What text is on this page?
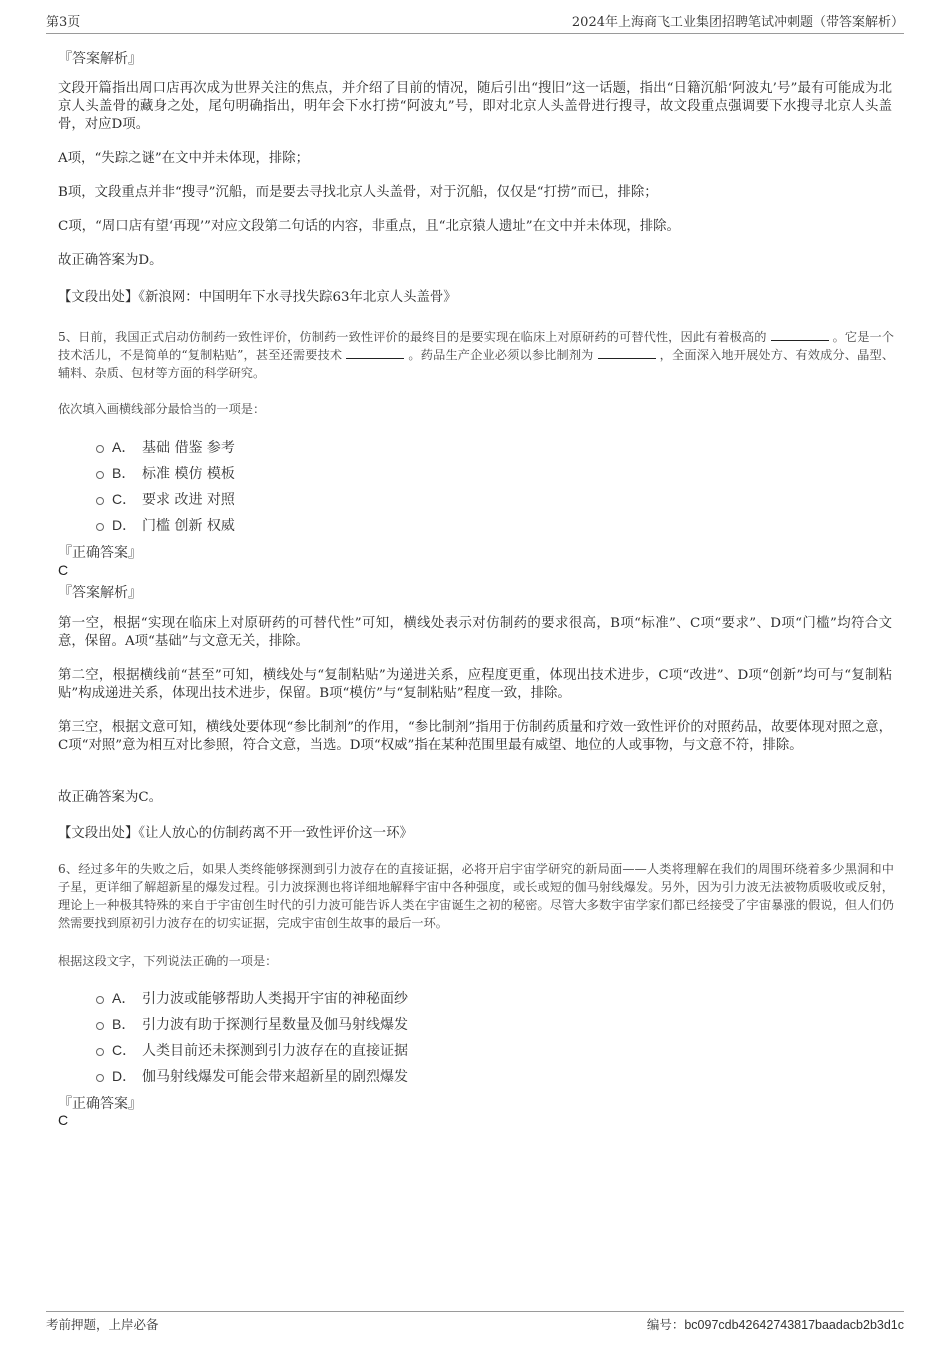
第3页	2024年上海商飞工业集团招聘笔试冲刺题（带答案解析）
『答案解析』
文段开篇指出周口店再次成为世界关注的焦点，并介绍了目前的情况，随后引出“搜旧”这一话题，指出“日籍沉船‘阿波丸’号”最有可能成为北京人头盖骨的藏身之处，尾句明确指出，明年会下水打捞“阿波丸”号，即对北京人头盖骨进行搜寻，故文段重点强调要下水搜寻北京人头盖骨，对应D项。
A项，“失踪之谜”在文中并未体现，排除；
B项，文段重点并非“搜寻”沉船，而是要去寻找北京人头盖骨，对于沉船，仅仅是“打捞”而已，排除；
C项，“周口店有望‘再现’”对应文段第二句话的内容，非重点，且“北京猿人遗址”在文中并未体现，排除。
故正确答案为D。
【文段出处】《新浪网：中国明年下水寻找失踪63年北京人头盖骨》
5、日前，我国正式启动仿制药一致性评价，仿制药一致性评价的最终目的是要实现在临床上对原研药的可替代性，因此有着极高的	。它是一个技术活儿，不是简单的“复制粘贴”，甚至还需要技术	。药品生产企业必须以参比制剂为	，全面深入地开展处方、有效成分、晶型、辅料、杂质、包材等方面的科学研究。
依次填入画横线部分最恰当的一项是：
A． 基础 借鉴 参考
B． 标准 模仿 模板
C． 要求 改进 对照
D． 门槛 创新 权威
『正确答案』
C
『答案解析』
第一空，根据“实现在临床上对原研药的可替代性”可知，横线处表示对仿制药的要求很高，B项“标准”、C项“要求”、D项“门槛”均符合文意，保留。A项“基础”与文意无关，排除。
第二空，根据横线前“甚至”可知，横线处与“复制粘贴”为递进关系，应程度更重，体现出技术进步，C项“改进”、D项“创新”均可与“复制粘贴”构成递进关系，体现出技术进步，保留。B项“模仿”与“复制粘贴”程度一致，排除。
第三空，根据文意可知，横线处要体现“参比制剂”的作用，“参比制剂”指用于仿制药质量和疗效一致性评价的对照药品，故要体现对照之意，C项“对照”意为相互对比参照，符合文意，当选。D项“权威”指在某种范围里最有威望、地位的人或事物，与文意不符，排除。
故正确答案为C。
【文段出处】《让人放心的仿制药离不开一致性评价这一环》
6、经过多年的失败之后，如果人类终能够探测到引力波存在的直接证据，必将开启宇宙学研究的新局面——人类将理解在我们的周围环绕着多少黑洞和中子星，更详细了解超新星的爆发过程。引力波探测也将详细地解释宇宙中各种强度，或长或短的伽马射线爆发。另外，因为引力波无法被物质吸收或反射，理论上一种极其特殊的来自于宇宙创生时代的引力波可能告诉人类在宇宙诞生之初的秘密。尽管大多数宇宙学家们都已经接受了宇宙暴涨的假说，但人们仍然需要找到原初引力波存在的切实证据，完成宇宙创生故事的最后一环。
根据这段文字，下列说法正确的一项是：
A． 引力波或能够帮助人类揭开宇宙的神秘面纱
B． 引力波有助于探测行星数量及伽马射线爆发
C． 人类目前还未探测到引力波存在的直接证据
D． 伽马射线爆发可能会带来超新星的剧烈爆发
『正确答案』
C
考前押题，上岸必备	编号：bc097cdb42642743817baadacb2b3d1c
